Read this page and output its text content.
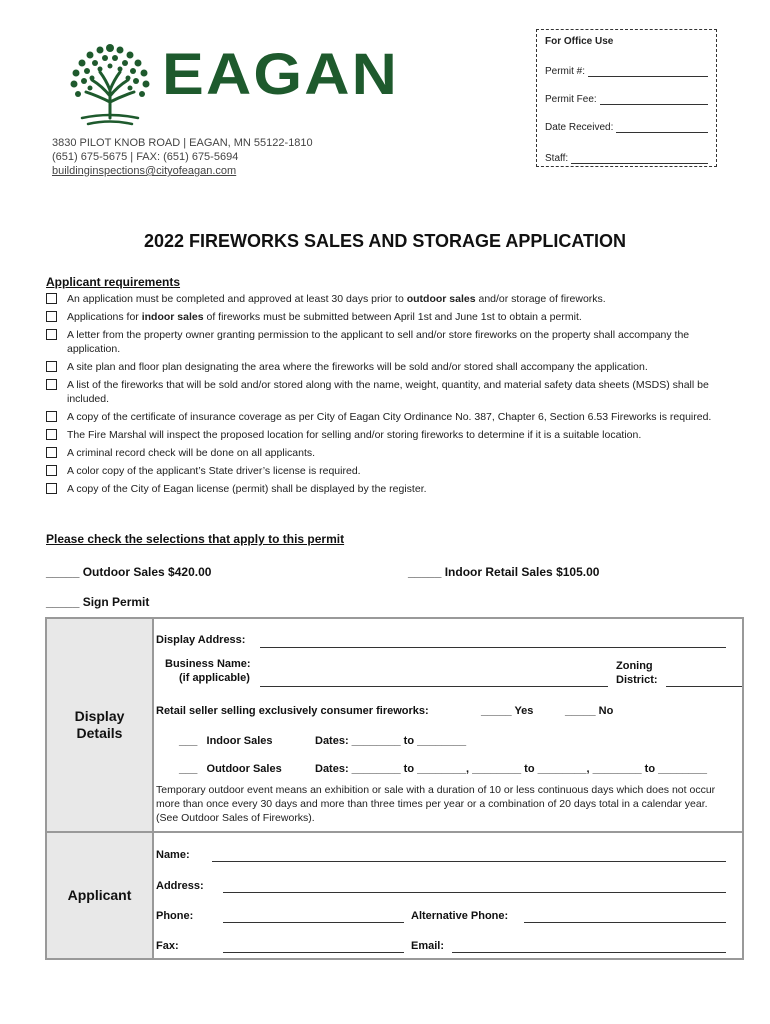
EAGAN
3830 PILOT KNOB ROAD | EAGAN, MN 55122-1810
(651) 675-5675 | FAX: (651) 675-5694
buildinginspections@cityofeagan.com
For Office Use
Permit #:
Permit Fee:
Date Received:
Staff:
2022 FIREWORKS SALES AND STORAGE APPLICATION
Applicant requirements
An application must be completed and approved at least 30 days prior to outdoor sales and/or storage of fireworks.
Applications for indoor sales of fireworks must be submitted between April 1st and June 1st to obtain a permit.
A letter from the property owner granting permission to the applicant to sell and/or store fireworks on the property shall accompany the application.
A site plan and floor plan designating the area where the fireworks will be sold and/or stored shall accompany the application.
A list of the fireworks that will be sold and/or stored along with the name, weight, quantity, and material safety data sheets (MSDS) shall be included.
A copy of the certificate of insurance coverage as per City of Eagan City Ordinance No. 387, Chapter 6, Section 6.53 Fireworks is required.
The Fire Marshal will inspect the proposed location for selling and/or storing fireworks to determine if it is a suitable location.
A criminal record check will be done on all applicants.
A color copy of the applicant’s State driver’s license is required.
A copy of the City of Eagan license (permit) shall be displayed by the register.
Please check the selections that apply to this permit
_____ Outdoor Sales $420.00	_____ Indoor Retail Sales $105.00
_____ Sign Permit
Display
Details
Applicant
Display Address:
Business Name:
(if applicable)
Zoning
District:
Retail seller selling exclusively consumer fireworks:	_____ Yes	_____ No
___   Indoor Sales	Dates: ________ to ________
___   Outdoor Sales	Dates: ________ to ________, ________ to ________, ________ to ________
Temporary outdoor event means an exhibition or sale with a duration of 10 or less continuous days which does not occur more than once every 30 days and more than three times per year or a combination of 20 days total in a calendar year. (See Outdoor Sales of Fireworks).
Name:
Address:
Phone:	Alternative Phone:
Fax:	Email:
